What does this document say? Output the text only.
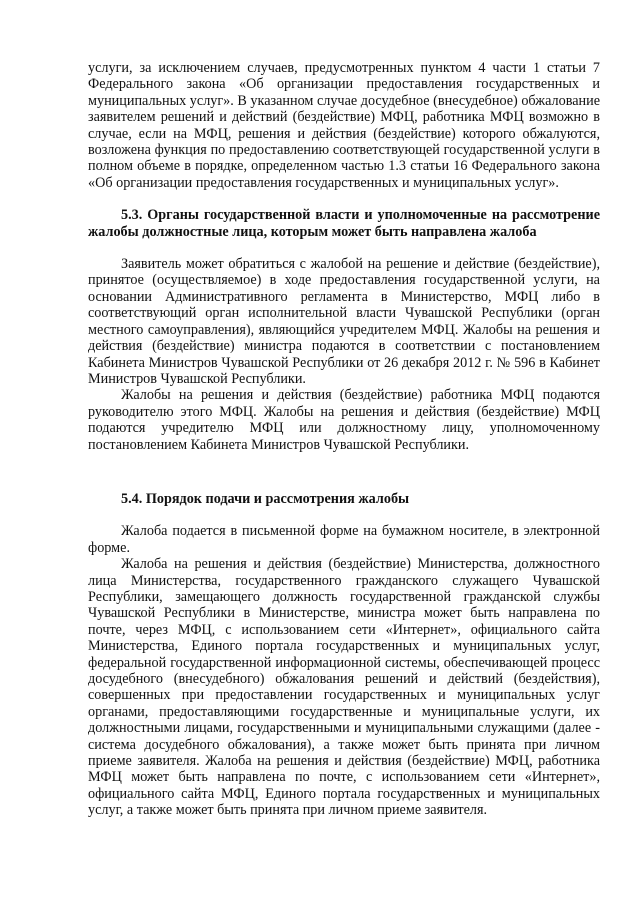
услуги, за исключением случаев, предусмотренных пунктом 4 части 1 статьи 7 Федерального закона «Об организации предоставления государственных и муниципальных услуг». В указанном случае досудебное (внесудебное) обжалование заявителем решений и действий (бездействие) МФЦ, работника МФЦ возможно в случае, если на МФЦ, решения и действия (бездействие) которого обжалуются, возложена функция по предоставлению соответствующей государственной услуги в полном объеме в порядке, определенном частью 1.3 статьи 16 Федерального закона «Об организации предоставления государственных и муниципальных услуг».

5.3. Органы государственной власти и уполномоченные на рассмотрение жалобы должностные лица, которым может быть направлена жалоба

Заявитель может обратиться с жалобой на решение и действие (бездействие), принятое (осуществляемое) в ходе предоставления государственной услуги, на основании Административного регламента в Министерство, МФЦ либо в соответствующий орган исполнительной власти Чувашской Республики (орган местного самоуправления), являющийся учредителем МФЦ. Жалобы на решения и действия (бездействие) министра подаются в соответствии с постановлением Кабинета Министров Чувашской Республики от 26 декабря 2012 г. № 596 в Кабинет Министров Чувашской Республики.

Жалобы на решения и действия (бездействие) работника МФЦ подаются руководителю этого МФЦ. Жалобы на решения и действия (бездействие) МФЦ подаются учредителю МФЦ или должностному лицу, уполномоченному постановлением Кабинета Министров Чувашской Республики.

5.4. Порядок подачи и рассмотрения жалобы

Жалоба подается в письменной форме на бумажном носителе, в электронной форме.

Жалоба на решения и действия (бездействие) Министерства, должностного лица Министерства, государственного гражданского служащего Чувашской Республики, замещающего должность государственной гражданской службы Чувашской Республики в Министерстве, министра может быть направлена по почте, через МФЦ, с использованием сети «Интернет», официального сайта Министерства, Единого портала государственных и муниципальных услуг, федеральной государственной информационной системы, обеспечивающей процесс досудебного (внесудебного) обжалования решений и действий (бездействия), совершенных при предоставлении государственных и муниципальных услуг органами, предоставляющими государственные и муниципальные услуги, их должностными лицами, государственными и муниципальными служащими (далее - система досудебного обжалования), а также может быть принята при личном приеме заявителя. Жалоба на решения и действия (бездействие) МФЦ, работника МФЦ может быть направлена по почте, с использованием сети «Интернет», официального сайта МФЦ, Единого портала государственных и муниципальных услуг, а также может быть принята при личном приеме заявителя.
